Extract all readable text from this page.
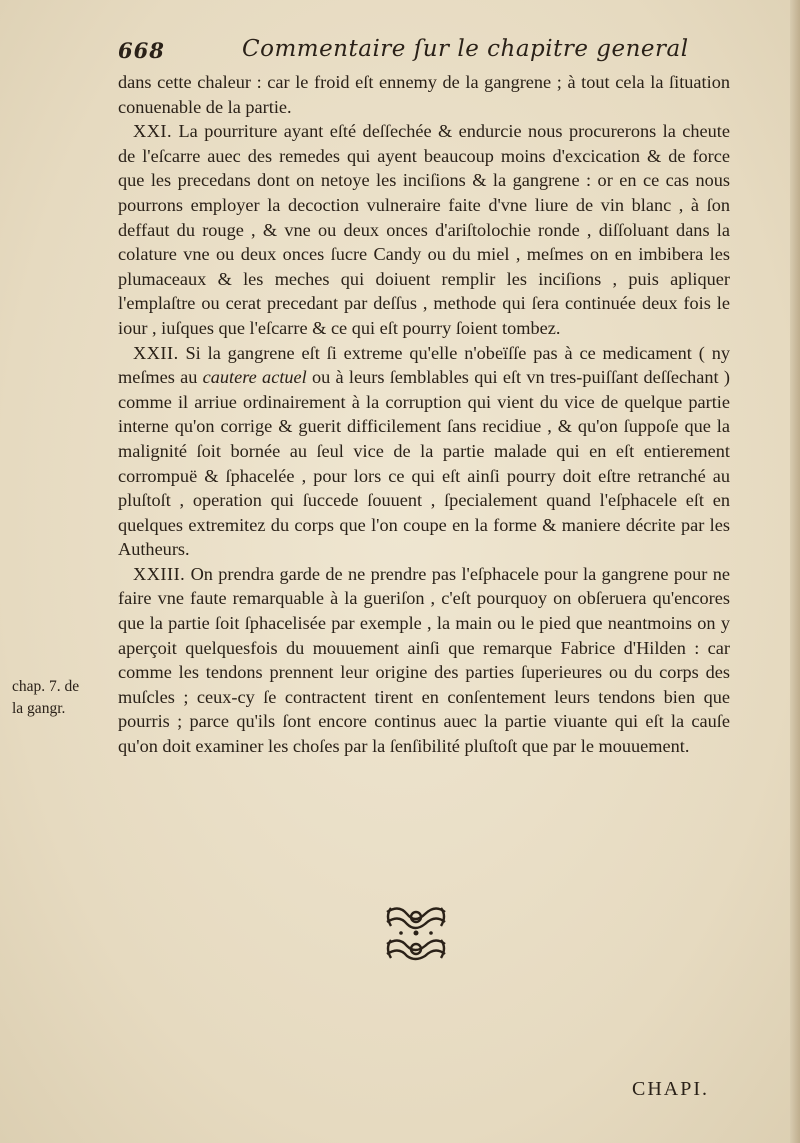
668	Commentaire ſur le chapitre general

dans cette chaleur : car le froid eſt ennemy de la gangrene ; à tout cela la ſituation conuenable de la partie.

XXI. La pourriture ayant eſté deſſechée & endurcie nous procurerons la cheute de l'eſcarre auec des remedes qui ayent beaucoup moins d'excication & de force que les precedans dont on netoye les inciſions & la gangrene : or en ce cas nous pourrons employer la decoction vulneraire faite d'vne liure de vin blanc , à ſon deffaut du rouge , & vne ou deux onces d'ariſtolochie ronde , diſſoluant dans la colature vne ou deux onces ſucre Candy ou du miel , meſmes on en imbibera les plumaceaux & les meches qui doiuent remplir les inciſions , puis apliquer l'emplaſtre ou cerat precedant par deſſus , methode qui ſera continuée deux fois le iour , iuſques que l'eſcarre & ce qui eſt pourry ſoient tombez.

XXII. Si la gangrene eſt ſi extreme qu'elle n'obeïſſe pas à ce medicament ( ny meſmes au cautere actuel ou à leurs ſemblables qui eſt vn tres-puiſſant deſſechant ) comme il arriue ordinairement à la corruption qui vient du vice de quelque partie interne qu'on corrige & guerit difficilement ſans recidiue , & qu'on ſuppoſe que la malignité ſoit bornée au ſeul vice de la partie malade qui en eſt entierement corrompuë & ſphacelée , pour lors ce qui eſt ainſi pourry doit eſtre retranché au pluſtoſt , operation qui ſuccede ſouuent , ſpecialement quand l'eſphacele eſt en quelques extremitez du corps que l'on coupe en la forme & maniere décrite par les Autheurs.

XXIII. On prendra garde de ne prendre pas l'eſphacele pour la gangrene pour ne faire vne faute remarquable à la gueriſon , c'eſt pourquoy on obſeruera qu'encores que la partie ſoit ſphacelisée par exemple , la main ou le pied que neantmoins on y aperçoit quelquesfois du mouuement ainſi que remarque Fabrice d'Hilden : car comme les tendons prennent leur origine des parties ſuperieures ou du corps des muſcles ; ceux-cy ſe contractent tirent en conſentement leurs tendons bien que pourris ; parce qu'ils ſont encore continus auec la partie viuante qui eſt la cauſe qu'on doit examiner les choſes par la ſenſibilité pluſtoſt que par le mouuement.

chap. 7. de
la gangr.
CHAPI.
